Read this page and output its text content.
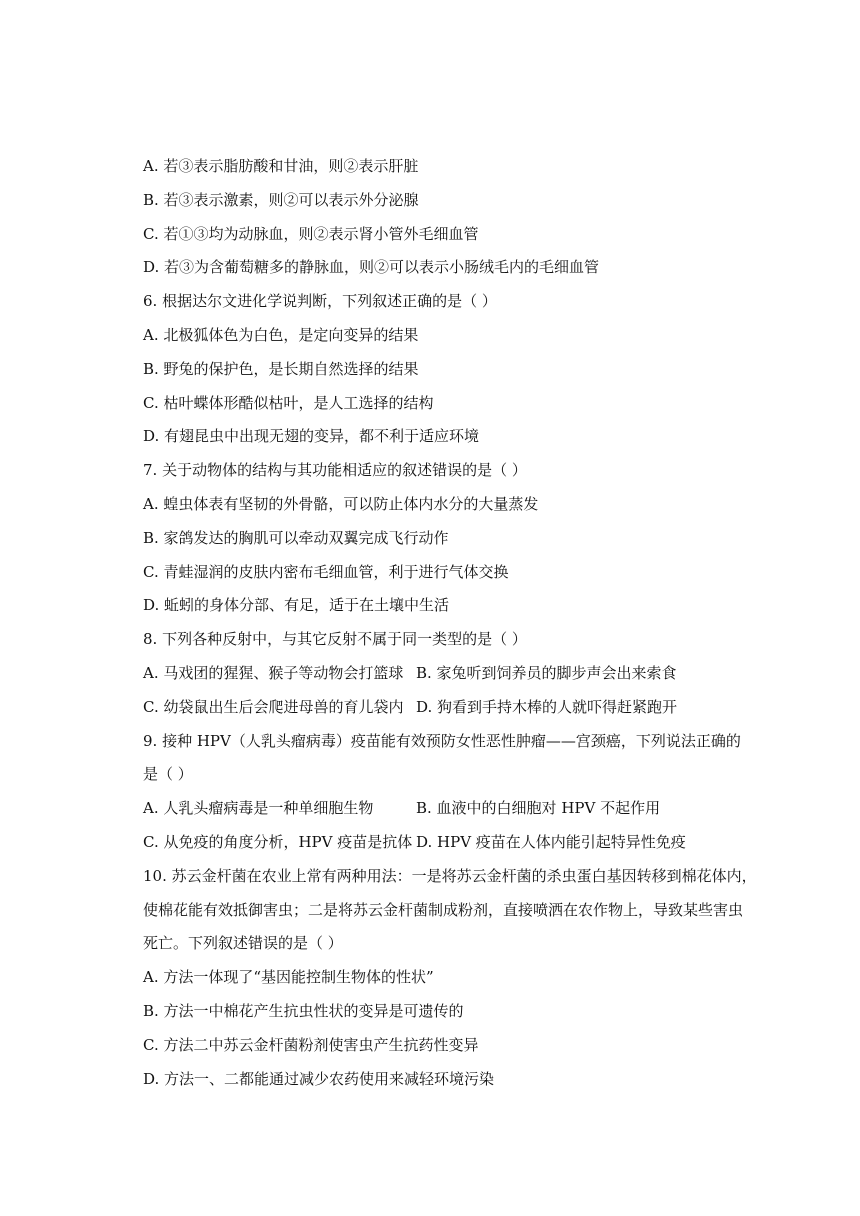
A. 若③表示脂肪酸和甘油，则②表示肝脏
B. 若③表示激素，则②可以表示外分泌腺
C. 若①③均为动脉血，则②表示肾小管外毛细血管
D. 若③为含葡萄糖多的静脉血，则②可以表示小肠绒毛内的毛细血管
6. 根据达尔文进化学说判断，下列叙述正确的是（ ）
A. 北极狐体色为白色，是定向变异的结果
B. 野兔的保护色，是长期自然选择的结果
C. 枯叶蝶体形酷似枯叶，是人工选择的结构
D. 有翅昆虫中出现无翅的变异，都不利于适应环境
7. 关于动物体的结构与其功能相适应的叙述错误的是（ ）
A. 蝗虫体表有坚韧的外骨骼，可以防止体内水分的大量蒸发
B. 家鸽发达的胸肌可以牵动双翼完成飞行动作
C. 青蛙湿润的皮肤内密布毛细血管，利于进行气体交换
D. 蚯蚓的身体分部、有足，适于在土壤中生活
8. 下列各种反射中，与其它反射不属于同一类型的是（ ）
A. 马戏团的猩猩、猴子等动物会打篮球 B. 家兔听到饲养员的脚步声会出来索食
C. 幼袋鼠出生后会爬进母兽的育儿袋内 D. 狗看到手持木棒的人就吓得赶紧跑开
9. 接种 HPV（人乳头瘤病毒）疫苗能有效预防女性恶性肿瘤——宫颈癌，下列说法正确的
是（ ）
A. 人乳头瘤病毒是一种单细胞生物	B. 血液中的白细胞对 HPV 不起作用
C. 从免疫的角度分析，HPV 疫苗是抗体 D. HPV 疫苗在人体内能引起特异性免疫
10. 苏云金杆菌在农业上常有两种用法：一是将苏云金杆菌的杀虫蛋白基因转移到棉花体内，
使棉花能有效抵御害虫；二是将苏云金杆菌制成粉剂，直接喷洒在农作物上，导致某些害虫
死亡。下列叙述错误的是（ ）
A. 方法一体现了“基因能控制生物体的性状”
B. 方法一中棉花产生抗虫性状的变异是可遗传的
C. 方法二中苏云金杆菌粉剂使害虫产生抗药性变异
D. 方法一、二都能通过减少农药使用来减轻环境污染
